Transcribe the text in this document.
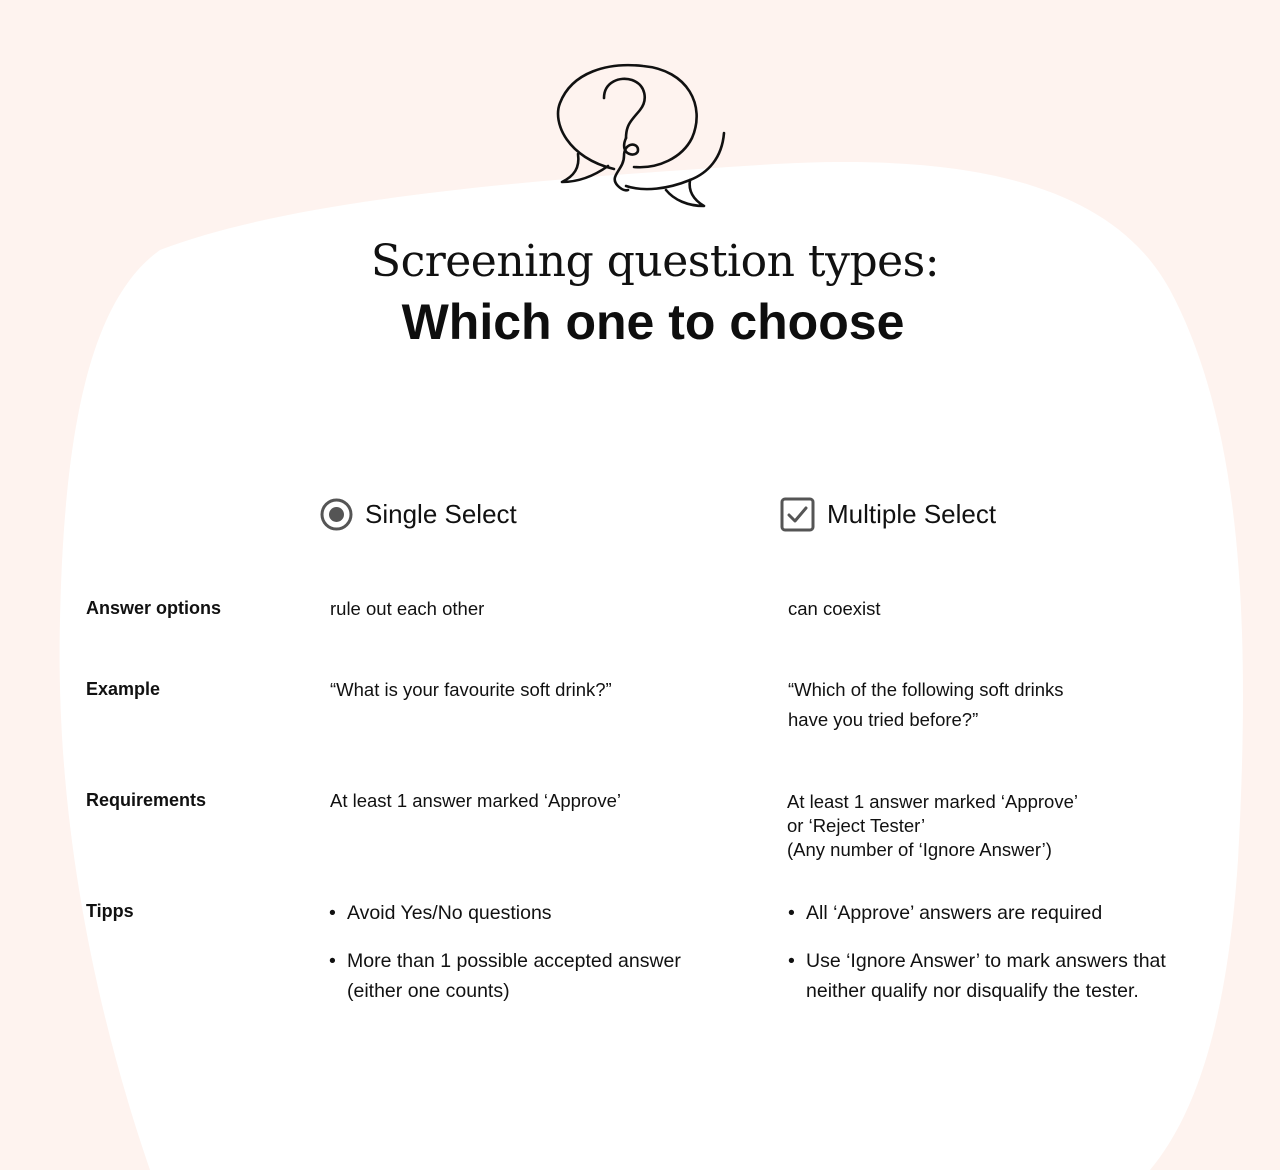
Screening question types:
Which one to choose
Single Select	Multiple Select
Answer options	rule out each other	can coexist
Example	“What is your favourite soft drink?”	“Which of the following soft drinks
have you tried before?”
Requirements	At least 1 answer marked ‘Approve’	At least 1 answer marked ‘Approve’
or ‘Reject Tester’
(Any number of ‘Ignore Answer’)
Tipps
•	Avoid Yes/No questions
• More than 1 possible accepted answer
(either one counts)
• All ‘Approve’ answers are required
• Use ‘Ignore Answer’ to mark answers that
neither qualify nor disqualify the tester.
